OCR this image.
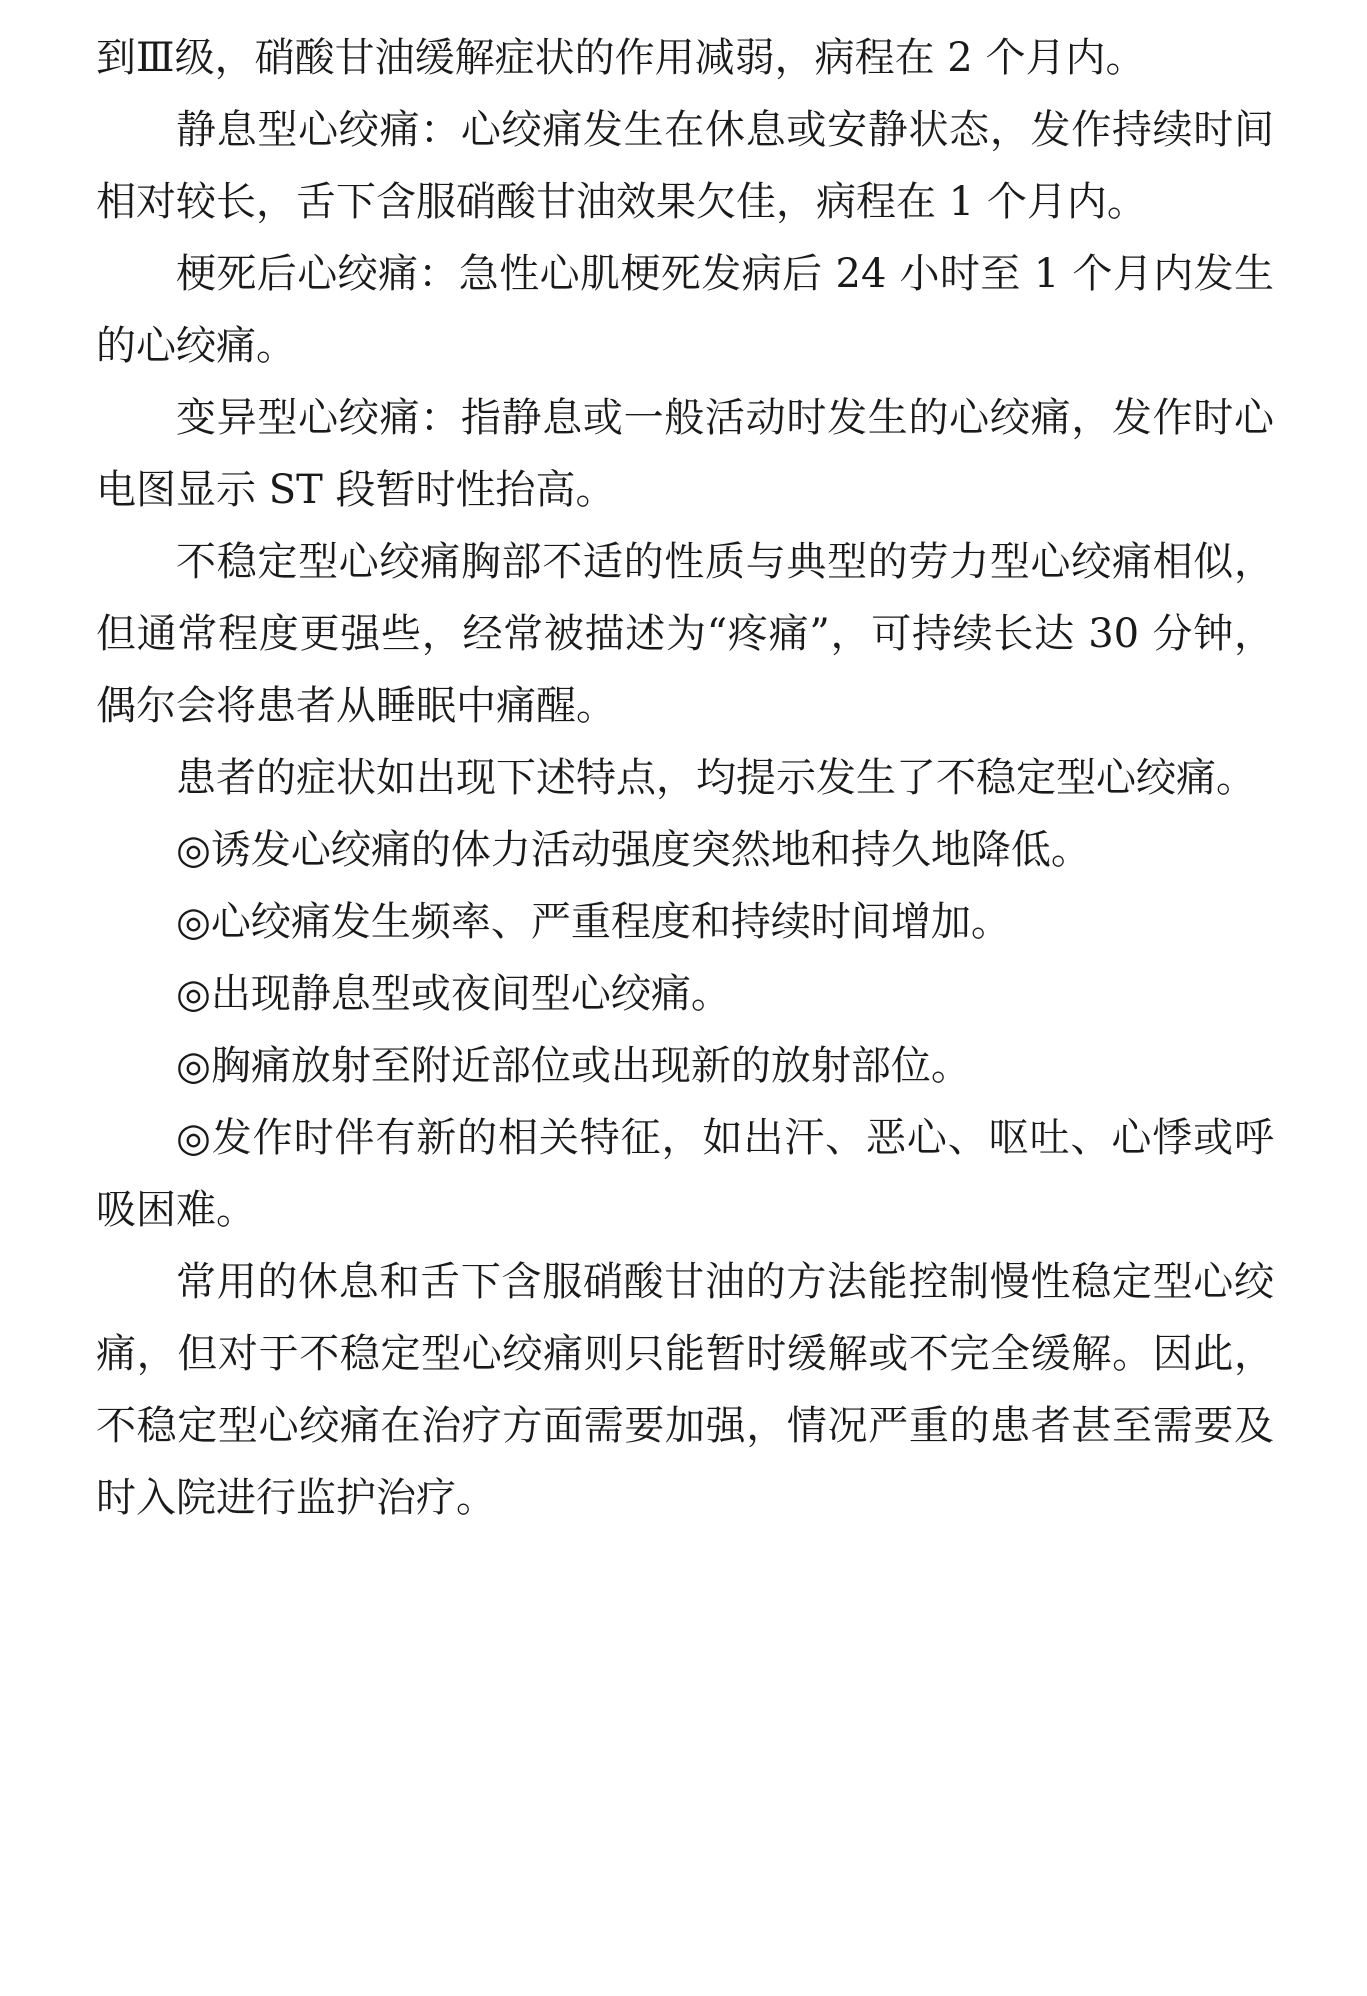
到Ⅲ级，硝酸甘油缓解症状的作用减弱，病程在 2 个月内。

静息型心绞痛：心绞痛发生在休息或安静状态，发作持续时间相对较长，舌下含服硝酸甘油效果欠佳，病程在 1 个月内。

梗死后心绞痛：急性心肌梗死发病后 24 小时至 1 个月内发生的心绞痛。

变异型心绞痛：指静息或一般活动时发生的心绞痛，发作时心电图显示 ST 段暂时性抬高。

不稳定型心绞痛胸部不适的性质与典型的劳力型心绞痛相似，但通常程度更强些，经常被描述为“疼痛”，可持续长达 30 分钟，偶尔会将患者从睡眠中痛醒。

患者的症状如出现下述特点，均提示发生了不稳定型心绞痛。

◎诱发心绞痛的体力活动强度突然地和持久地降低。

◎心绞痛发生频率、严重程度和持续时间增加。

◎出现静息型或夜间型心绞痛。

◎胸痛放射至附近部位或出现新的放射部位。

◎发作时伴有新的相关特征，如出汗、恶心、呕吐、心悸或呼吸困难。

常用的休息和舌下含服硝酸甘油的方法能控制慢性稳定型心绞痛，但对于不稳定型心绞痛则只能暂时缓解或不完全缓解。因此，不稳定型心绞痛在治疗方面需要加强，情况严重的患者甚至需要及时入院进行监护治疗。
